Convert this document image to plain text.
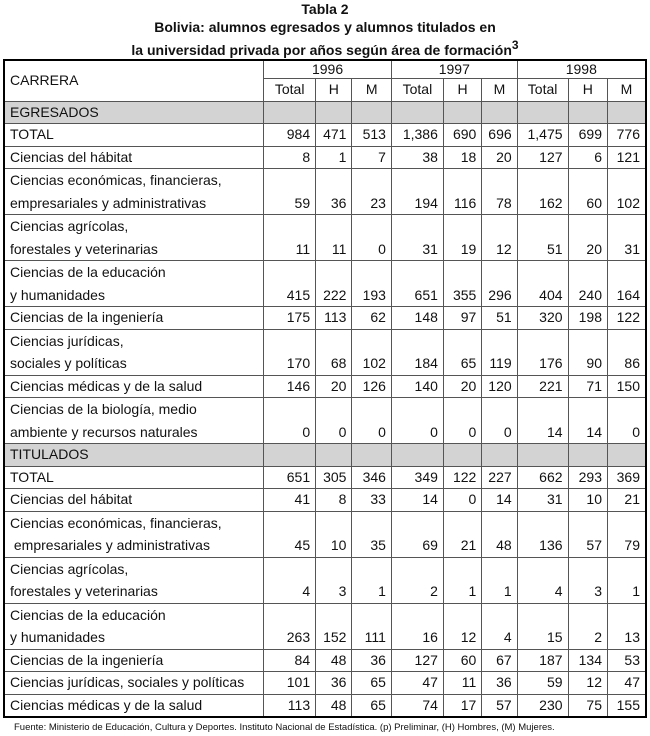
Tabla 2
Bolivia: alumnos egresados y alumnos titulados en
la universidad privada por años según área de formación$^3$
CARRERA	1996			1997			1998		
	Total	H	M	Total	H	M	Total	H	M
EGRESADOS									

TOTAL	984	471	513	1,386	690	696	1,475	699	776

Ciencias del hábitat	8	1	7	38	18	20	127	6	121

Ciencias económicas, financieras,
empresariales y administrativas	59	36	23	194	116	78	162	60	102

Ciencias agrícolas,
forestales y veterinarias	11	11	0	31	19	12	51	20	31

Ciencias de la educación
y humanidades	415	222	193	651	355	296	404	240	164

Ciencias de la ingeniería	175	113	62	148	97	51	320	198	122

Ciencias jurídicas,
sociales y políticas	170	68	102	184	65	119	176	90	86

Ciencias médicas y de la salud	146	20	126	140	20	120	221	71	150

Ciencias de la biología, medio
ambiente y recursos naturales	0	0	0	0	0	0	14	14	0
TITULADOS									

TOTAL	651	305	346	349	122	227	662	293	369

Ciencias del hábitat	41	8	33	14	0	14	31	10	21

Ciencias económicas, financieras,
empresariales y administrativas	45	10	35	69	21	48	136	57	79

Ciencias agrícolas,
forestales y veterinarias	4	3	1	2	1	1	4	3	1

Ciencias de la educación
y humanidades	263	152	111	16	12	4	15	2	13

Ciencias de la ingeniería	84	48	36	127	60	67	187	134	53

Ciencias jurídicas, sociales y políticas	101	36	65	47	11	36	59	12	47

Ciencias médicas y de la salud	113	48	65	74	17	57	230	75	155
Fuente: Ministerio de Educación, Cultura y Deportes. Instituto Nacional de Estadística. (p) Preliminar, (H) Hombres, (M) Mujeres.
